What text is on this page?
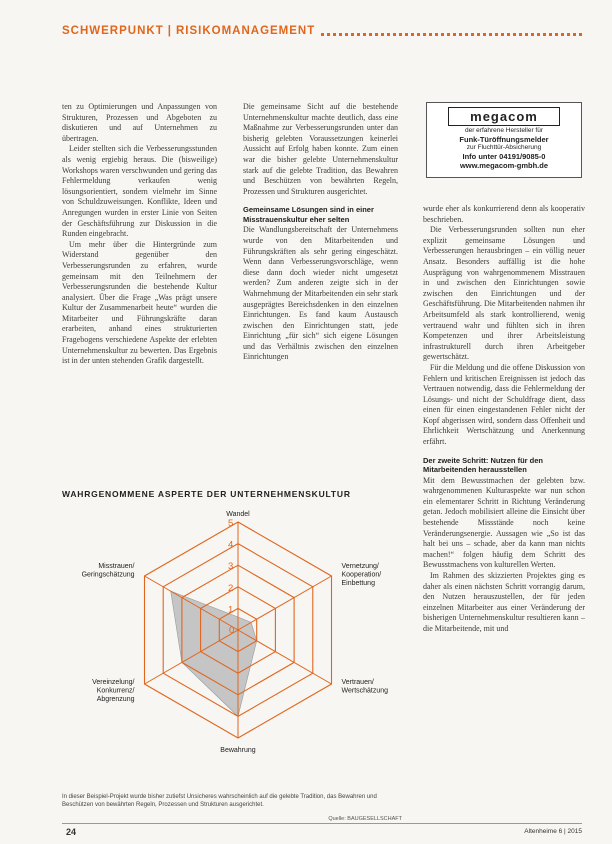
SCHWERPUNKT | RISIKOMANAGEMENT

ten zu Optimierungen und Anpassungen von Strukturen, Prozessen und Abgeboten zu diskutieren und auf Unternehmen zu übertragen.

Leider stellten sich die Verbesserungsstunden als wenig ergiebig heraus. Die (bisweilige) Workshops waren verschwunden und gering das Fehlermeldung verkaufen wenig lösungsorientiert, sondern vielmehr im Sinne von Schuldzuweisungen. Konflikte, Ideen und Anregungen wurden in erster Linie von Seiten der Geschäftsführung zur Diskussion in die Runden eingebracht.

Um mehr über die Hintergründe zum Widerstand gegenüber den Verbesserungsrunden zu erfahren, wurde gemeinsam mit den Teilnehmern der Verbesserungsrunden die bestehende Kultur analysiert. Über die Frage „Was prägt unsere Kultur der Zusammenarbeit heute“ wurden die Mitarbeiter und Führungskräfte daran erarbeiten, anhand eines strukturierten Fragebogens verschiedene Aspekte der erlebten Unternehmenskultur zu bewerten. Das Ergebnis ist in der unten stehenden Grafik dargestellt.

Die gemeinsame Sicht auf die bestehende Unternehmenskultur machte deutlich, dass eine Maßnahme zur Verbesserungsrunden unter dan bisherig gelebten Voraussetzungen keinerlei Aussicht auf Erfolg haben konnte. Zum einen war die bisher gelebte Unternehmenskultur stark auf die gelebte Tradition, das Bewahren und Beschützen von bewährten Regeln, Prozessen und Strukturen ausgerichtet.

Gemeinsame Lösungen sind in einer Misstrauenskultur eher selten

Die Wandlungsbereitschaft der Unternehmens wurde von den Mitarbeitenden und Führungskräften als sehr gering eingeschätzt. Wenn dann Verbesserungsvorschläge, wenn diese dann doch wieder nicht umgesetzt werden? Zum anderen zeigte sich in der Wahrnehmung der Mitarbeitenden ein sehr stark ausgeprägtes Bereichsdenken in den einzelnen Einrichtungen. Es fand kaum Austausch zwischen den Einrichtungen statt, jede Einrichtung „für sich“ sich eigene Lösungen und das Verhältnis zwischen den einzelnen Einrichtungen

megacom
der erfahrene Hersteller für
Funk-Türöffnungsmelder
zur Fluchttür-Absicherung
Info unter 04191/9085-0
www.megacom-gmbh.de

wurde eher als konkurrierend denn als kooperativ beschrieben.

Die Verbesserungsrunden sollten nun eher explizit gemeinsame Lösungen und Verbesserungen herausbringen – ein völlig neuer Ansatz. Besonders auffällig ist die hohe Ausprägung von wahrgenommenem Misstrauen in und zwischen den Einrichtungen sowie zwischen den Einrichtungen und der Geschäftsführung. Die Mitarbeitenden nahmen ihr Arbeitsumfeld als stark kontrollierend, wenig vertrauend wahr und fühlten sich in ihren Kompetenzen und ihrer Arbeitsleistung infrastrukturell durch ihren Arbeitgeber gewertschätzt.

Für die Meldung und die offene Diskussion von Fehlern und kritischen Ereignissen ist jedoch das Vertrauen notwendig, dass die Fehlermeldung der Lösungs- und nicht der Schuldfrage dient, dass einen für einen eingestandenen Fehler nicht der Kopf abgerissen wird, sondern dass Offenheit und Ehrlichkeit Wertschätzung und Anerkennung erfährt.

Der zweite Schritt: Nutzen für den Mitarbeitenden herausstellen

Mit dem Bewusstmachen der gelebten bzw. wahrgenommenen Kulturaspekte war nun schon ein elementarer Schritt in Richtung Veränderung getan. Jedoch mobilisiert alleine die Einsicht über bestehende Missstände noch keine Veränderungsenergie. Aussagen wie „So ist das halt bei uns – schade, aber da kann man nichts machen!“ folgen häufig dem Schritt des Bewusstmachens von kulturellen Werten.

Im Rahmen des skizzierten Projektes ging es daher als einen nächsten Schritt vorrangig darum, den Nutzen herauszustellen, der für jeden einzelnen Mitarbeiter aus einer Veränderung der bisherigen Unternehmenskultur resultieren kann – die Mitarbeitende, mit und

WAHRGENOMMENE ASPERTE DER UNTERNEHMENSKULTUR
0
1
2
3
4
5
Wandel
Vernetzung/ Kooperation/ Einbettung
Vertrauen/ Wertschätzung
Bewahrung
Vereinzelung/ Konkurrenz/ Abgrenzung
Misstrauen/ Geringschätzung
In dieser Beispiel-Projekt wurde bisher zutiefst Unsicheres wahrscheinlich auf die gelebte Tradition, das Bewahren und Beschützen von bewährten Regeln, Prozessen und Strukturen ausgerichtet.
Quelle: BAUGESELLSCHAFT
24	Altenheime 6 | 2015
